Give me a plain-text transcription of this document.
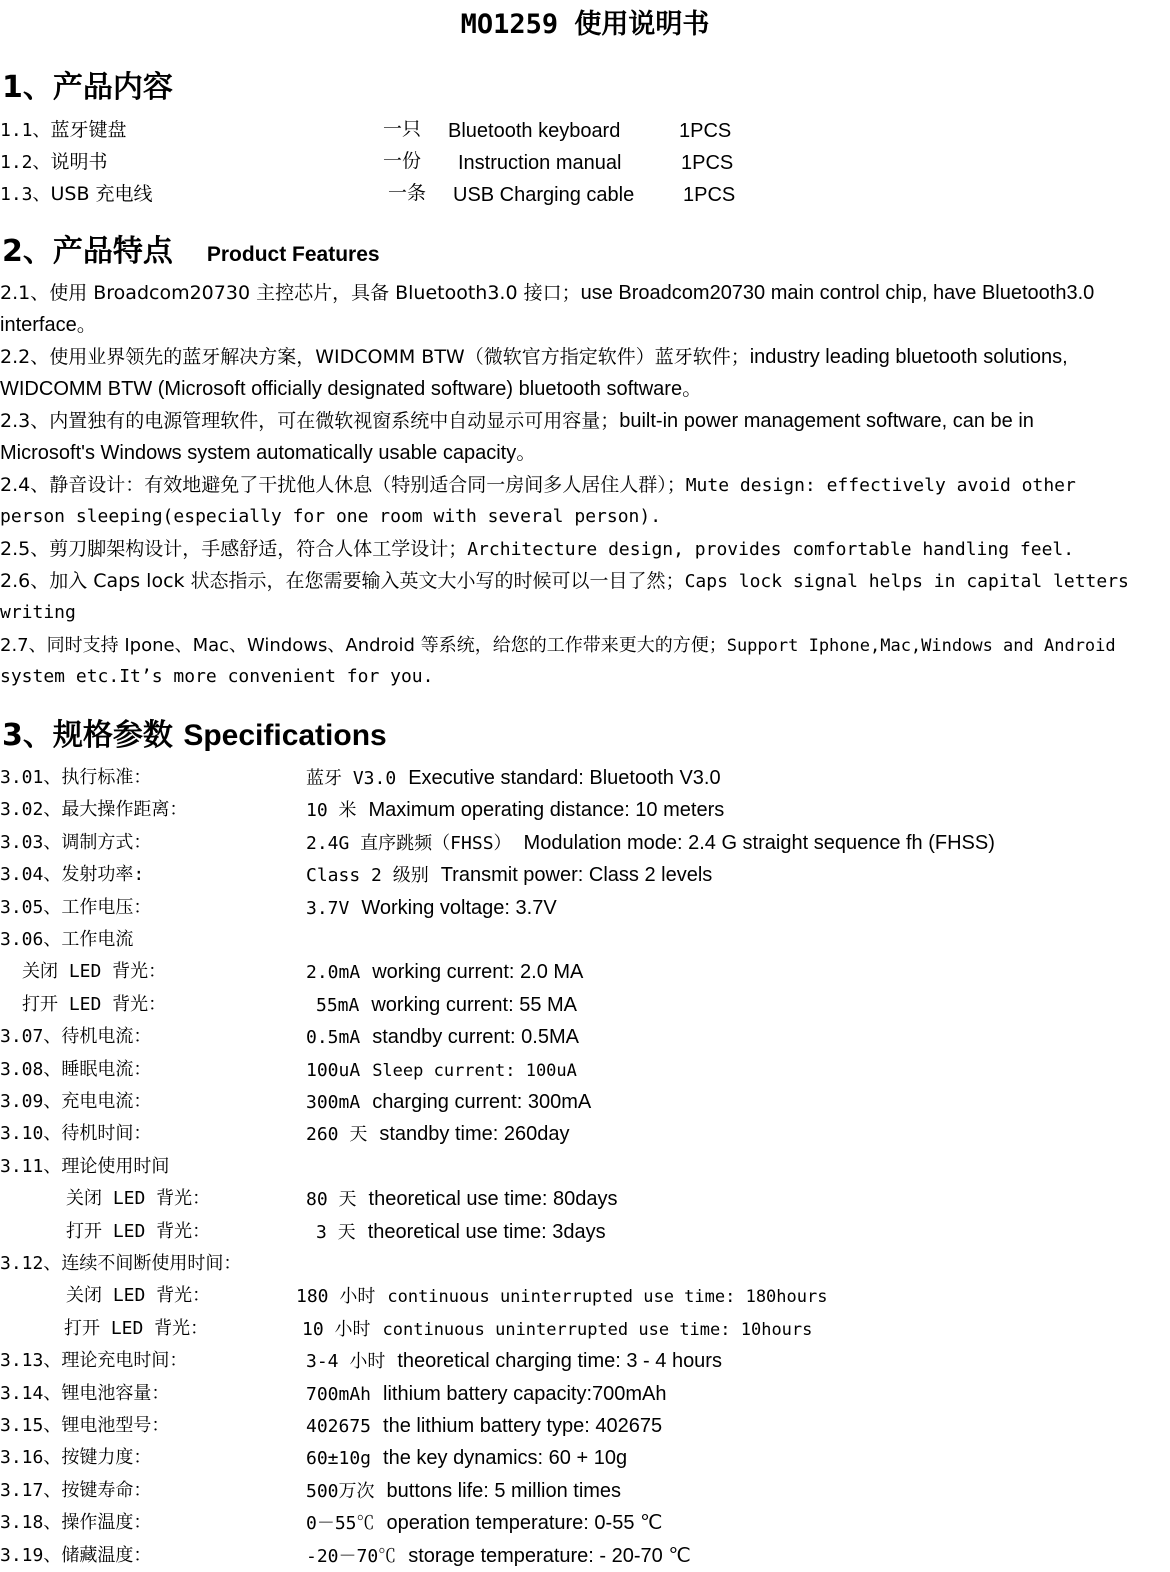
MO1259 使用说明书
1、产品内容
1.1、蓝牙键盘	一只 Bluetooth keyboard	1PCS
1.2、说明书	一份 Instruction manual	1PCS
1.3、USB 充电线	一条 USB Charging cable 1PCS
2、产品特点 Product Features
2.1、使用 Broadcom20730 主控芯片，具备 Bluetooth3.0 接口；use Broadcom20730 main control chip, have Bluetooth3.0
interface。
2.2、使用业界领先的蓝牙解决方案，WIDCOMM BTW（微软官方指定软件）蓝牙软件；industry leading bluetooth solutions,
WIDCOMM BTW (Microsoft officially designated software) bluetooth software。
2.3、内置独有的电源管理软件，可在微软视窗系统中自动显示可用容量；built-in power management software, can be in
Microsoft's Windows system automatically usable capacity。
2.4、静音设计：有效地避免了干扰他人休息（特别适合同一房间多人居住人群）；Mute design: effectively avoid other
person sleeping(especially for one room with several person).
2.5、剪刀脚架构设计，手感舒适，符合人体工学设计；Architecture design, provides comfortable handling feel.
2.6、加入 Caps lock 状态指示，在您需要输入英文大小写的时候可以一目了然；Caps lock signal helps in capital letters
writing
2.7、同时支持 Ipone、Mac、Windows、Android 等系统，给您的工作带来更大的方便；Support Iphone,Mac,Windows and Android
system etc.It’s more convenient for you.
3、规格参数 Specifications
3.01、执行标准：	蓝牙 V3.0 Executive standard: Bluetooth V3.0
3.02、最大操作距离：	10 米 Maximum operating distance: 10 meters
3.03、调制方式：	2.4G 直序跳频（FHSS） Modulation mode: 2.4 G straight sequence fh (FHSS)
3.04、发射功率:	Class 2 级别 Transmit power: Class 2 levels
3.05、工作电压：	3.7V Working voltage: 3.7V
3.06、工作电流
关闭 LED 背光：	2.0mA working current: 2.0 MA
打开 LED 背光：	55mA working current: 55 MA
3.07、待机电流：	0.5mA standby current: 0.5MA
3.08、睡眠电流：	100uA Sleep current: 100uA
3.09、充电电流：	300mA charging current: 300mA
3.10、待机时间：	260 天 standby time: 260day
3.11、理论使用时间
关闭 LED 背光：	80 天 theoretical use time: 80days
打开 LED 背光：	3 天 theoretical use time: 3days
3.12、连续不间断使用时间：
关闭 LED 背光：	180 小时 continuous uninterrupted use time: 180hours
打开 LED 背光：	10 小时 continuous uninterrupted use time: 10hours
3.13、理论充电时间：	3-4 小时 theoretical charging time: 3 - 4 hours
3.14、锂电池容量：	700mAh lithium battery capacity:700mAh
3.15、锂电池型号：	402675 the lithium battery type: 402675
3.16、按键力度：	60±10g the key dynamics: 60 + 10g
3.17、按键寿命：	500万次 buttons life: 5 million times
3.18、操作温度：	0－55℃ operation temperature: 0-55 ℃
3.19、储藏温度：	-20－70℃ storage temperature: - 20-70 ℃
